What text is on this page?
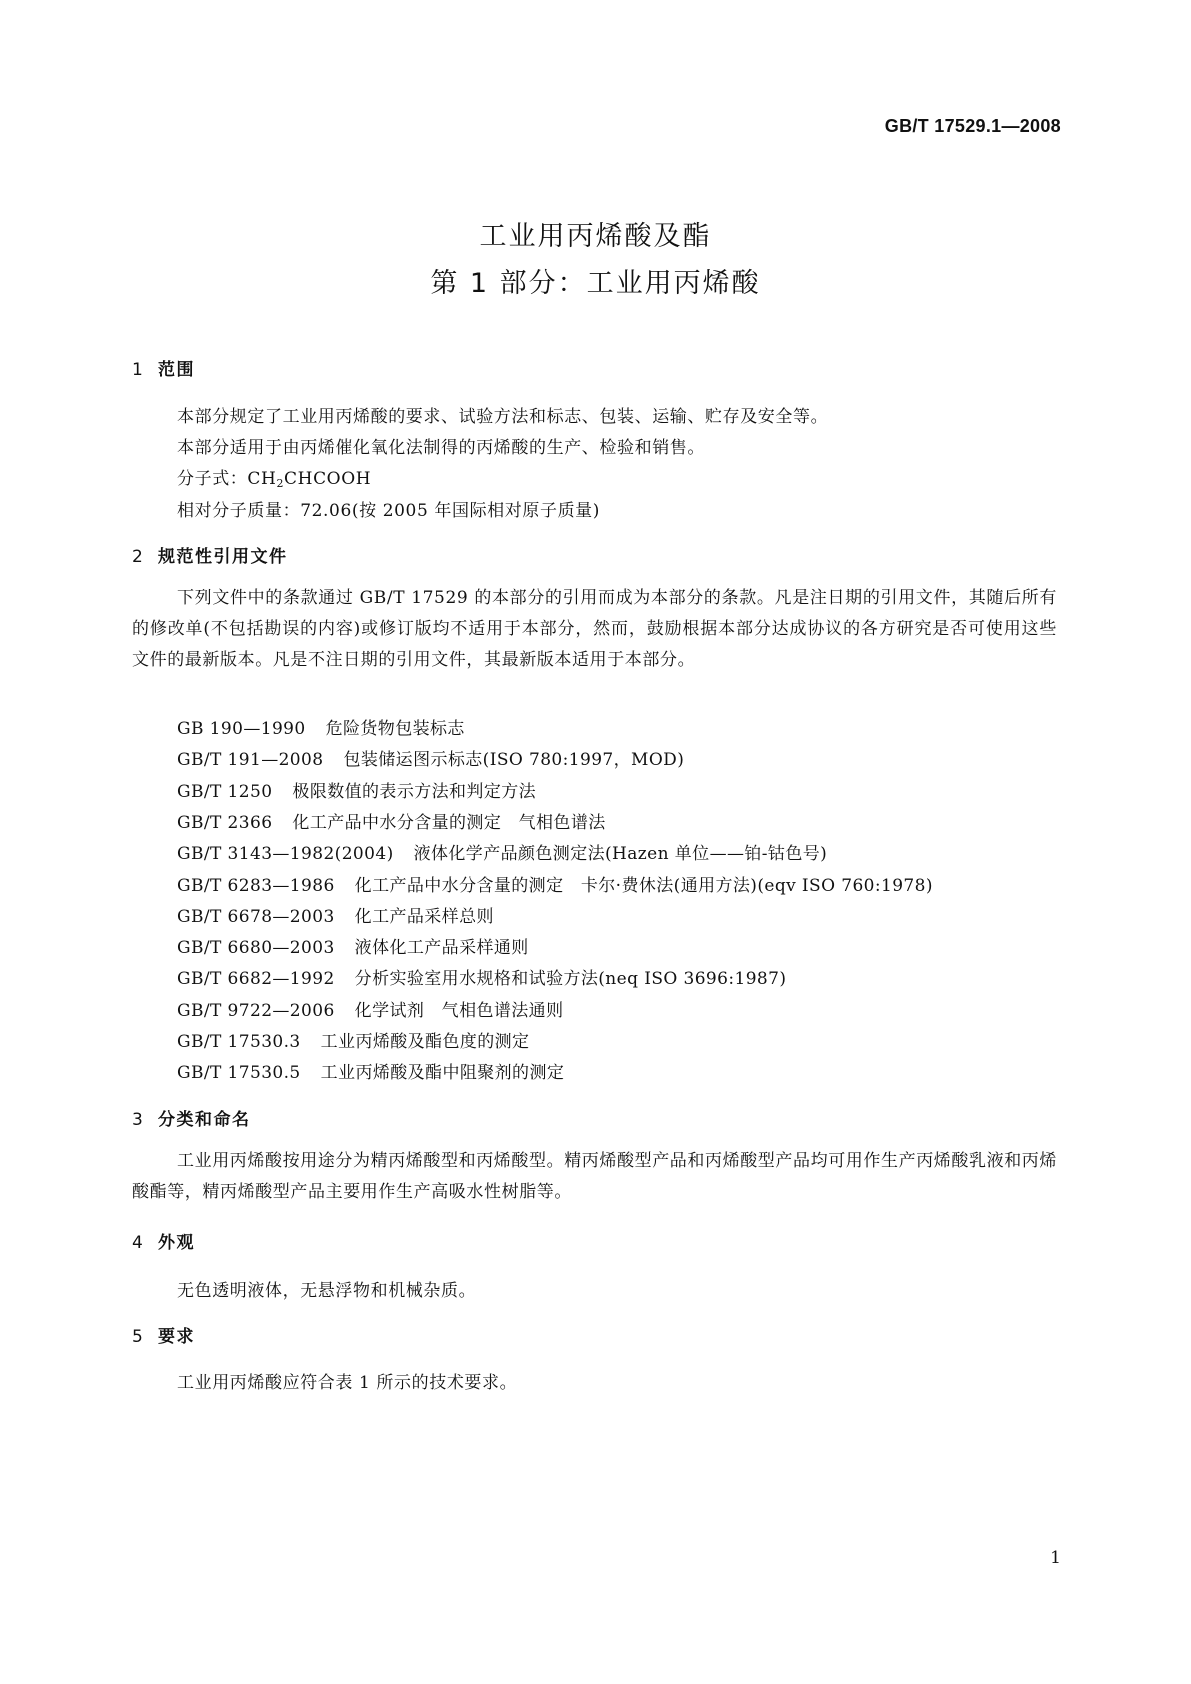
GB/T 17529.1—2008
工业用丙烯酸及酯
第 1 部分：工业用丙烯酸
1 范围
本部分规定了工业用丙烯酸的要求、试验方法和标志、包装、运输、贮存及安全等。
本部分适用于由丙烯催化氧化法制得的丙烯酸的生产、检验和销售。
分子式：$CH_2CHCOOH$
相对分子质量：72.06(按 2005 年国际相对原子质量)
2 规范性引用文件

下列文件中的条款通过 GB/T 17529 的本部分的引用而成为本部分的条款。凡是注日期的引用文件，其随后所有的修改单(不包括勘误的内容)或修订版均不适用于本部分，然而，鼓励根据本部分达成协议的各方研究是否可使用这些文件的最新版本。凡是不注日期的引用文件，其最新版本适用于本部分。

GB 190—1990 危险货物包装标志
GB/T 191—2008 包装储运图示标志(ISO 780:1997，MOD)
GB/T 1250 极限数值的表示方法和判定方法
GB/T 2366 化工产品中水分含量的测定　气相色谱法
GB/T 3143—1982(2004) 液体化学产品颜色测定法(Hazen 单位——铂-钴色号)
GB/T 6283—1986 化工产品中水分含量的测定　卡尔·费休法(通用方法)(eqv ISO 760:1978)
GB/T 6678—2003 化工产品采样总则
GB/T 6680—2003 液体化工产品采样通则
GB/T 6682—1992 分析实验室用水规格和试验方法(neq ISO 3696:1987)
GB/T 9722—2006 化学试剂　气相色谱法通则
GB/T 17530.3 工业丙烯酸及酯色度的测定
GB/T 17530.5 工业丙烯酸及酯中阻聚剂的测定
3 分类和命名

工业用丙烯酸按用途分为精丙烯酸型和丙烯酸型。精丙烯酸型产品和丙烯酸型产品均可用作生产丙烯酸乳液和丙烯酸酯等，精丙烯酸型产品主要用作生产高吸水性树脂等。

4 外观
无色透明液体，无悬浮物和机械杂质。
5 要求
工业用丙烯酸应符合表 1 所示的技术要求。
1
